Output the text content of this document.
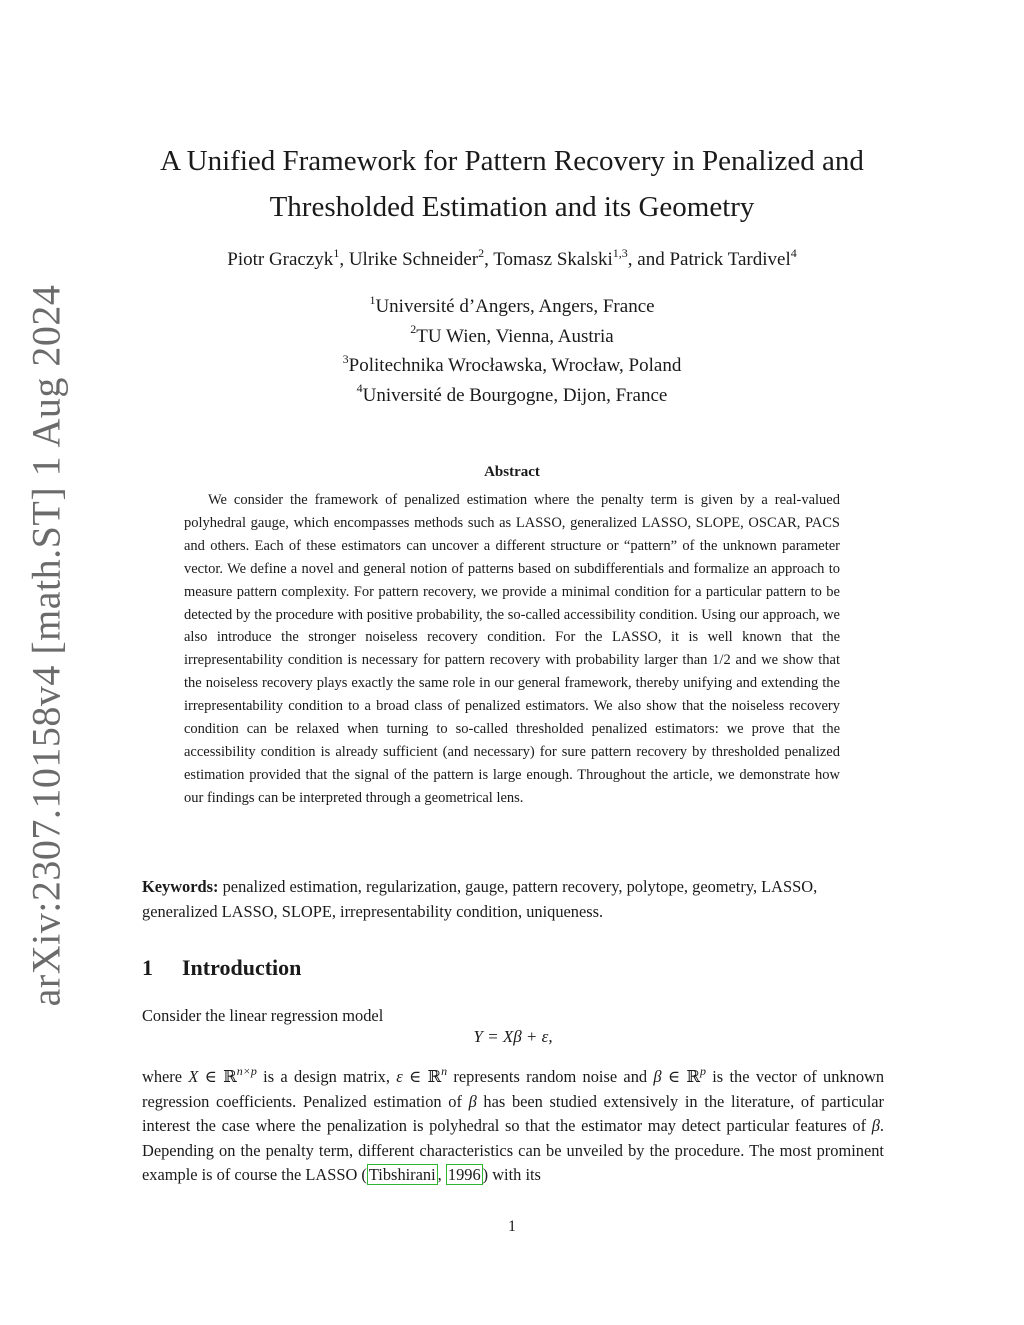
arXiv:2307.10158v4 [math.ST] 1 Aug 2024
A Unified Framework for Pattern Recovery in Penalized and
Thresholded Estimation and its Geometry
Piotr Graczyk$^1$, Ulrike Schneider$^2$, Tomasz Skalski$^{1,3}$, and Patrick Tardivel$^4$
$^1$Université d’Angers, Angers, France
$^2$TU Wien, Vienna, Austria
$^3$Politechnika Wrocławska, Wrocław, Poland
$^4$Université de Bourgogne, Dijon, France
Abstract

We consider the framework of penalized estimation where the penalty term is given by a real-valued polyhedral gauge, which encompasses methods such as LASSO, generalized LASSO, SLOPE, OSCAR, PACS and others. Each of these estimators can uncover a different structure or “pattern” of the unknown parameter vector. We define a novel and general notion of patterns based on subdifferentials and formalize an approach to measure pattern complexity. For pattern recovery, we provide a minimal condition for a particular pattern to be detected by the procedure with positive probability, the so-called accessibility condition. Using our approach, we also introduce the stronger noiseless recovery condition. For the LASSO, it is well known that the irrepresentability condition is necessary for pattern recovery with probability larger than 1/2 and we show that the noiseless recovery plays exactly the same role in our general framework, thereby unifying and extending the irrepresentability condition to a broad class of penalized estimators. We also show that the noiseless recovery condition can be relaxed when turning to so-called thresholded penalized estimators: we prove that the accessibility condition is already sufficient (and necessary) for sure pattern recovery by thresholded penalized estimation provided that the signal of the pattern is large enough. Throughout the article, we demonstrate how our findings can be interpreted through a geometrical lens.

Keywords: penalized estimation, regularization, gauge, pattern recovery, polytope, geometry, LASSO, generalized LASSO, SLOPE, irrepresentability condition, uniqueness.

1 Introduction

Consider the linear regression model

Y = Xβ + ε,

where X ∈ ℝ$^{n\times p}$ is a design matrix, ε ∈ ℝ$^n$ represents random noise and β ∈ ℝ$^p$ is the vector of unknown regression coefficients. Penalized estimation of β has been studied extensively in the literature, of particular interest the case where the penalization is polyhedral so that the estimator may detect particular features of β. Depending on the penalty term, different characteristics can be unveiled by the procedure. The most prominent example is of course the LASSO ( Tibshirani , 1996 ) with its

1
